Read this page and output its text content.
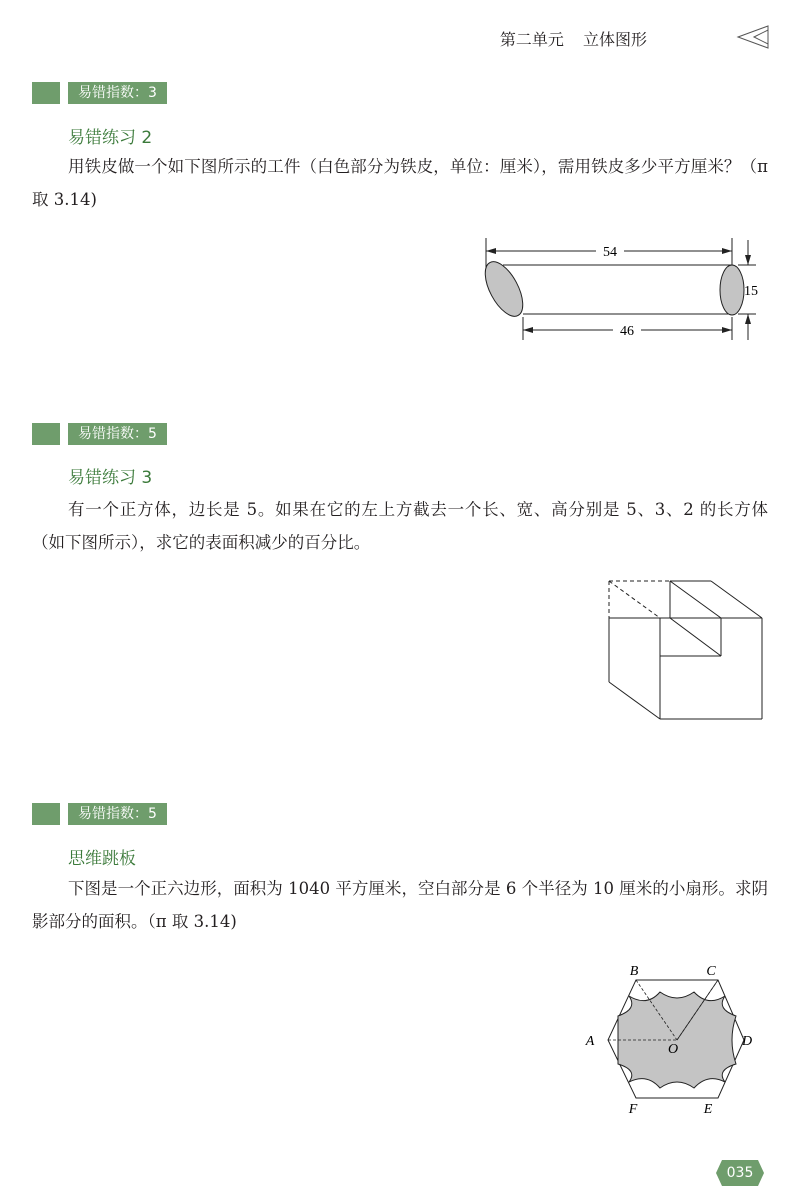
第二单元 立体图形
易错指数：3
易错练习 2
用铁皮做一个如下图所示的工件（白色部分为铁皮，单位：厘米），需用铁皮多少平方厘米？（π 取 3.14)
54
15
46
易错指数：5
易错练习 3
有一个正方体，边长是 5。如果在它的左上方截去一个长、宽、高分别是 5、3、2 的长方体（如下图所示），求它的表面积减少的百分比。
易错指数：5
思维跳板
下图是一个正六边形，面积为 1040 平方厘米，空白部分是 6 个半径为 10 厘米的小扇形。求阴影部分的面积。（π 取 3.14)
B	C
A
O
D
F	E
035
